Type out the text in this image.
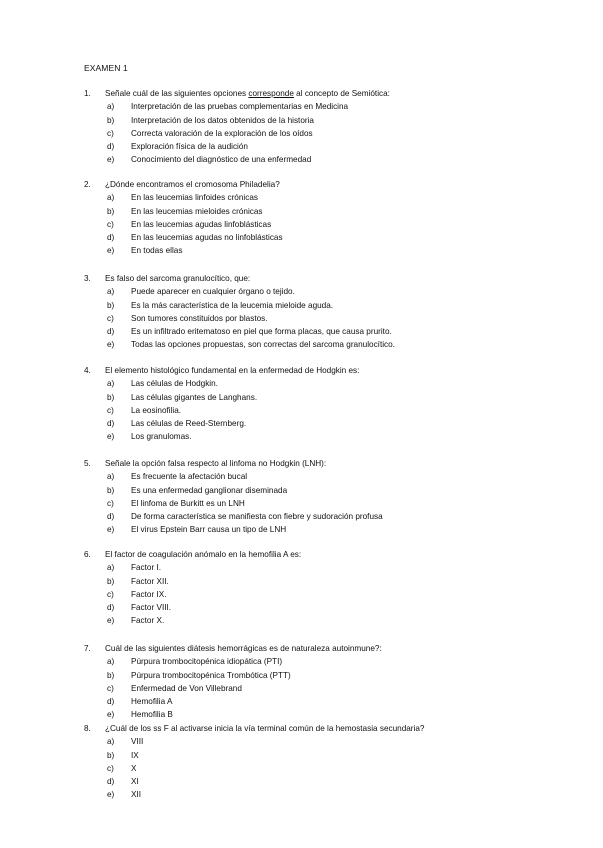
EXAMEN 1
1. Señale cuál de las siguientes opciones corresponde al concepto de Semiótica:
a) Interpretación de las pruebas complementarias en Medicina
b) Interpretación de los datos obtenidos de la historia
c) Correcta valoración de la exploración de los oídos
d) Exploración física de la audición
e) Conocimiento del diagnóstico de una enfermedad
2. ¿Dónde encontramos el cromosoma Philadelia?
a) En las leucemias linfoides crónicas
b) En las leucemias mieloides crónicas
c) En las leucemias agudas linfoblásticas
d) En las leucemias agudas no linfoblásticas
e) En todas ellas
3. Es falso del sarcoma granulocítico, que:
a) Puede aparecer en cualquier órgano o tejido.
b) Es la más característica de la leucemia mieloide aguda.
c) Son tumores constituidos por blastos.
d) Es un infiltrado eritematoso en piel que forma placas, que causa prurito.
e) Todas las opciones propuestas, son correctas del sarcoma granulocítico.
4. El elemento histológico fundamental en la enfermedad de Hodgkin es:
a) Las células de Hodgkin.
b) Las células gigantes de Langhans.
c) La eosinofilia.
d) Las células de Reed-Sternberg.
e) Los granulomas.
5. Señale la opción falsa respecto al linfoma no Hodgkin (LNH):
a) Es frecuente la afectación bucal
b) Es una enfermedad ganglionar diseminada
c) El linfoma de Burkitt es un LNH
d) De forma característica se manifiesta con fiebre y sudoración profusa
e) El virus Epstein Barr causa un tipo de LNH
6. El factor de coagulación anómalo en la hemofilia A es:
a) Factor I.
b) Factor XII.
c) Factor IX.
d) Factor VIII.
e) Factor X.
7. Cuál de las siguientes diátesis hemorrágicas es de naturaleza autoinmune?:
a) Púrpura trombocitopénica idiopática (PTI)
b) Púrpura trombocitopénica Trombótica (PTT)
c) Enfermedad de Von Villebrand
d) Hemofilia A
e) Hemofilia B
8. ¿Cuál de los ss F al activarse inicia la vía terminal común de la hemostasia secundaria?
a) VIII
b) IX
c) X
d) XI
e) XII
